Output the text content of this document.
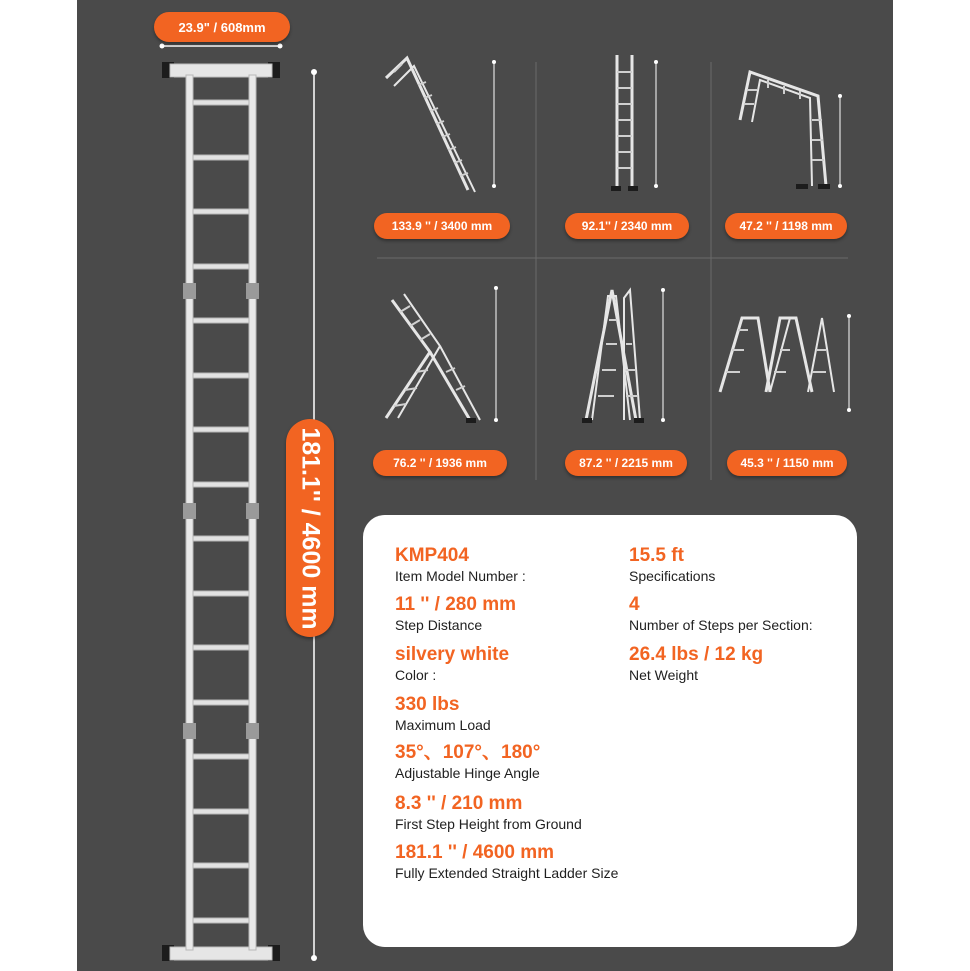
23.9" / 608mm
181.1'' / 4600 mm
133.9 '' / 3400 mm	92.1'' / 2340 mm	47.2 '' / 1198 mm
76.2 '' / 1936 mm	87.2 '' / 2215 mm	45.3 '' / 1150 mm
KMP404
Item Model Number :
11 '' / 280 mm
Step Distance
silvery white
Color :
330 lbs
Maximum Load
35°、107°、180°
Adjustable Hinge Angle
8.3 '' / 210 mm
First Step Height from Ground
181.1 '' / 4600 mm
Fully Extended Straight Ladder Size
15.5 ft
Specifications
4
Number of Steps per Section:
26.4 lbs / 12 kg
Net Weight
